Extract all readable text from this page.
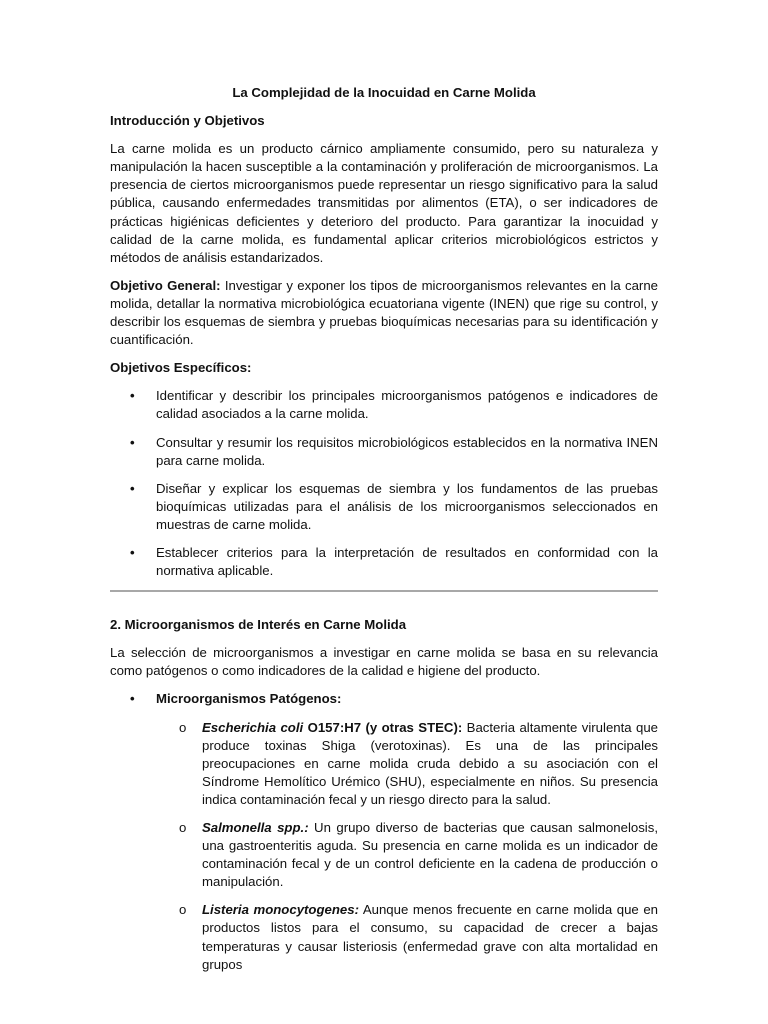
La Complejidad de la Inocuidad en Carne Molida

Introducción y Objetivos

La carne molida es un producto cárnico ampliamente consumido, pero su naturaleza y manipulación la hacen susceptible a la contaminación y proliferación de microorganismos. La presencia de ciertos microorganismos puede representar un riesgo significativo para la salud pública, causando enfermedades transmitidas por alimentos (ETA), o ser indicadores de prácticas higiénicas deficientes y deterioro del producto. Para garantizar la inocuidad y calidad de la carne molida, es fundamental aplicar criterios microbiológicos estrictos y métodos de análisis estandarizados.

Objetivo General: Investigar y exponer los tipos de microorganismos relevantes en la carne molida, detallar la normativa microbiológica ecuatoriana vigente (INEN) que rige su control, y describir los esquemas de siembra y pruebas bioquímicas necesarias para su identificación y cuantificación.

Objetivos Específicos:

• Identificar y describir los principales microorganismos patógenos e indicadores de calidad asociados a la carne molida.
• Consultar y resumir los requisitos microbiológicos establecidos en la normativa INEN para carne molida.
• Diseñar y explicar los esquemas de siembra y los fundamentos de las pruebas bioquímicas utilizadas para el análisis de los microorganismos seleccionados en muestras de carne molida.
• Establecer criterios para la interpretación de resultados en conformidad con la normativa aplicable.

2. Microorganismos de Interés en Carne Molida

La selección de microorganismos a investigar en carne molida se basa en su relevancia como patógenos o como indicadores de la calidad e higiene del producto.

• Microorganismos Patógenos:
o Escherichia coli O157:H7 (y otras STEC): Bacteria altamente virulenta que produce toxinas Shiga (verotoxinas). Es una de las principales preocupaciones en carne molida cruda debido a su asociación con el Síndrome Hemolítico Urémico (SHU), especialmente en niños. Su presencia indica contaminación fecal y un riesgo directo para la salud.
o Salmonella spp.: Un grupo diverso de bacterias que causan salmonelosis, una gastroenteritis aguda. Su presencia en carne molida es un indicador de contaminación fecal y de un control deficiente en la cadena de producción o manipulación.
o Listeria monocytogenes: Aunque menos frecuente en carne molida que en productos listos para el consumo, su capacidad de crecer a bajas temperaturas y causar listeriosis (enfermedad grave con alta mortalidad en grupos
